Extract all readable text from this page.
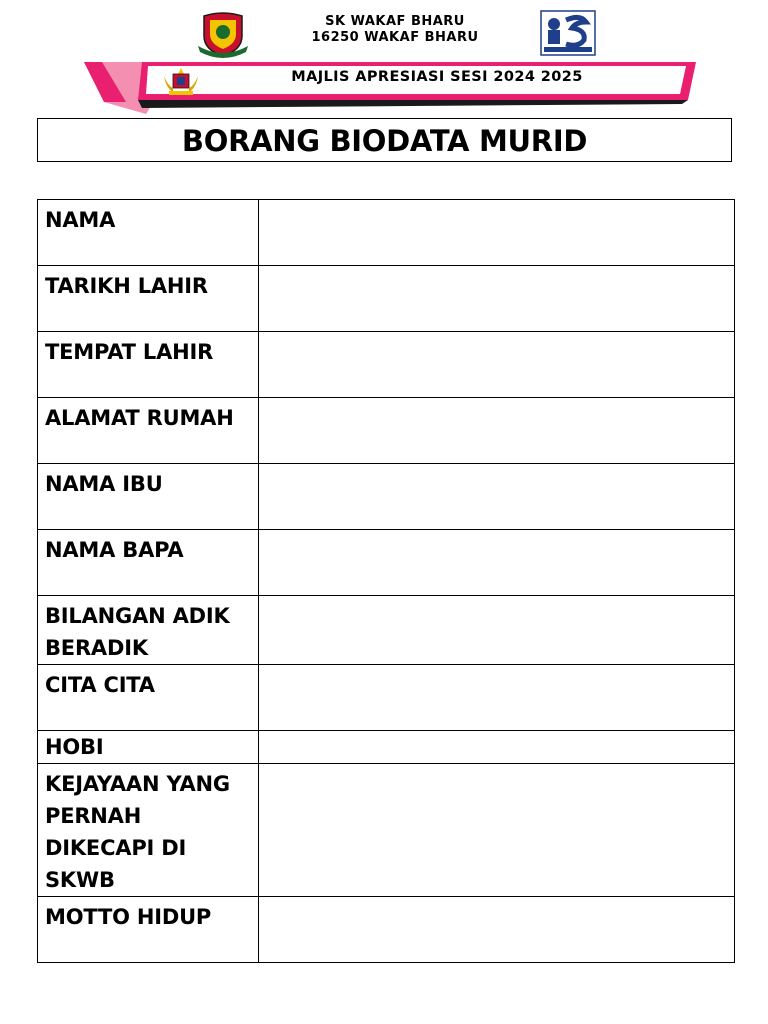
SK WAKAF BHARU
16250 WAKAF BHARU
MAJLIS APRESIASI SESI 2024 2025
BORANG BIODATA MURID
NAMA	
TARIKH LAHIR	
TEMPAT LAHIR	
ALAMAT RUMAH	
NAMA IBU	
NAMA BAPA	
BILANGAN ADIK BERADIK	
CITA CITA	
HOBI	
KEJAYAAN YANG PERNAH DIKECAPI DI SKWB	
MOTTO HIDUP	
